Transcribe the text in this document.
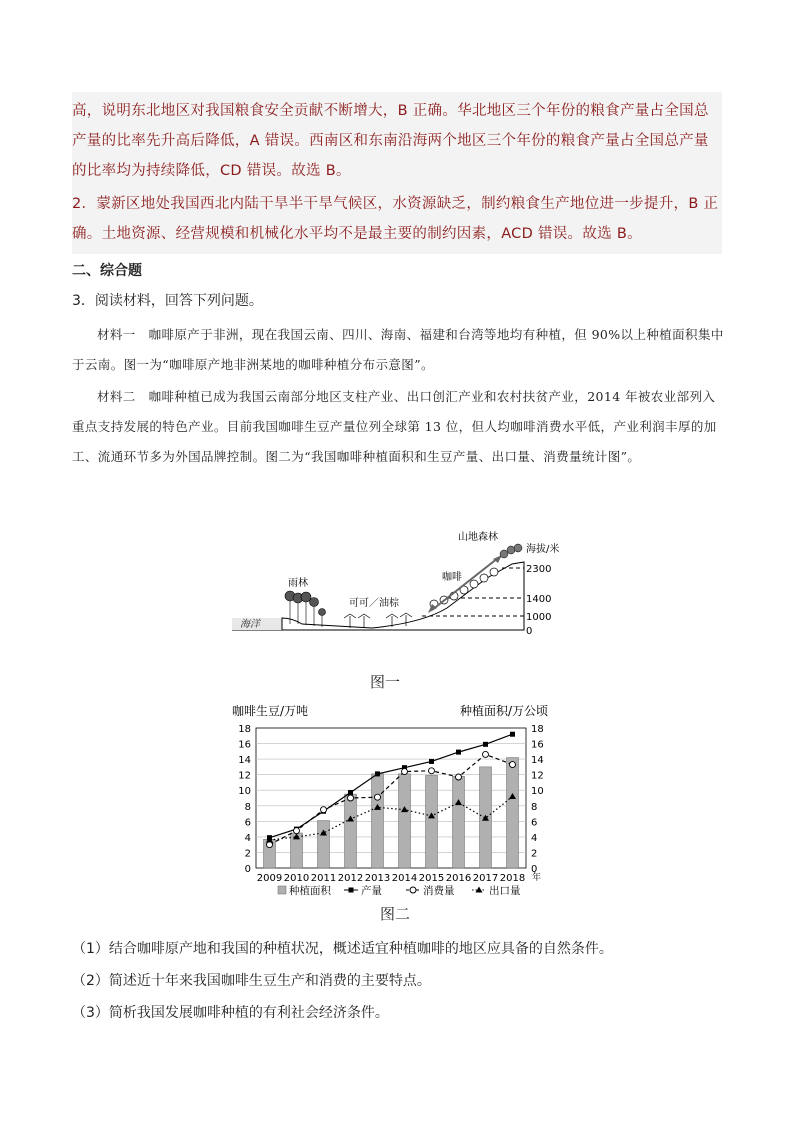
高，说明东北地区对我国粮食安全贡献不断增大，B 正确。华北地区三个年份的粮食产量占全国总产量的比率先升高后降低，A 错误。西南区和东南沿海两个地区三个年份的粮食产量占全国总产量的比率均为持续降低，CD 错误。故选 B。

2．蒙新区地处我国西北内陆干旱半干旱气候区，水资源缺乏，制约粮食生产地位进一步提升，B 正确。土地资源、经营规模和机械化水平均不是最主要的制约因素，ACD 错误。故选 B。

二、综合题
3．阅读材料，回答下列问题。

材料一　咖啡原产于非洲，现在我国云南、四川、海南、福建和台湾等地均有种植，但 90%以上种植面积集中于云南。图一为“咖啡原产地非洲某地的咖啡种植分布示意图”。

材料二　咖啡种植已成为我国云南部分地区支柱产业、出口创汇产业和农村扶贫产业，2014 年被农业部列入重点支持发展的特色产业。目前我国咖啡生豆产量位列全球第 13 位，但人均咖啡消费水平低，产业利润丰厚的加工、流通环节多为外国品牌控制。图二为“我国咖啡种植面积和生豆产量、出口量、消费量统计图”。

海洋
雨林
可可／油棕
咖啡
山地森林
海拔/米
2300
1400
1000
0
图一
咖啡生豆/万吨	种植面积/万公顷
0	0
2	2
4	4
6	6
8	8
10	10
12	12
14	14
16	16
18	18
2009 2010 2011 2012 2013 2014 2015 2016 2017 2018 年
种植面积	产量	消费量	出口量
图二
（1）结合咖啡原产地和我国的种植状况，概述适宜种植咖啡的地区应具备的自然条件。
（2）简述近十年来我国咖啡生豆生产和消费的主要特点。
（3）简析我国发展咖啡种植的有利社会经济条件。
